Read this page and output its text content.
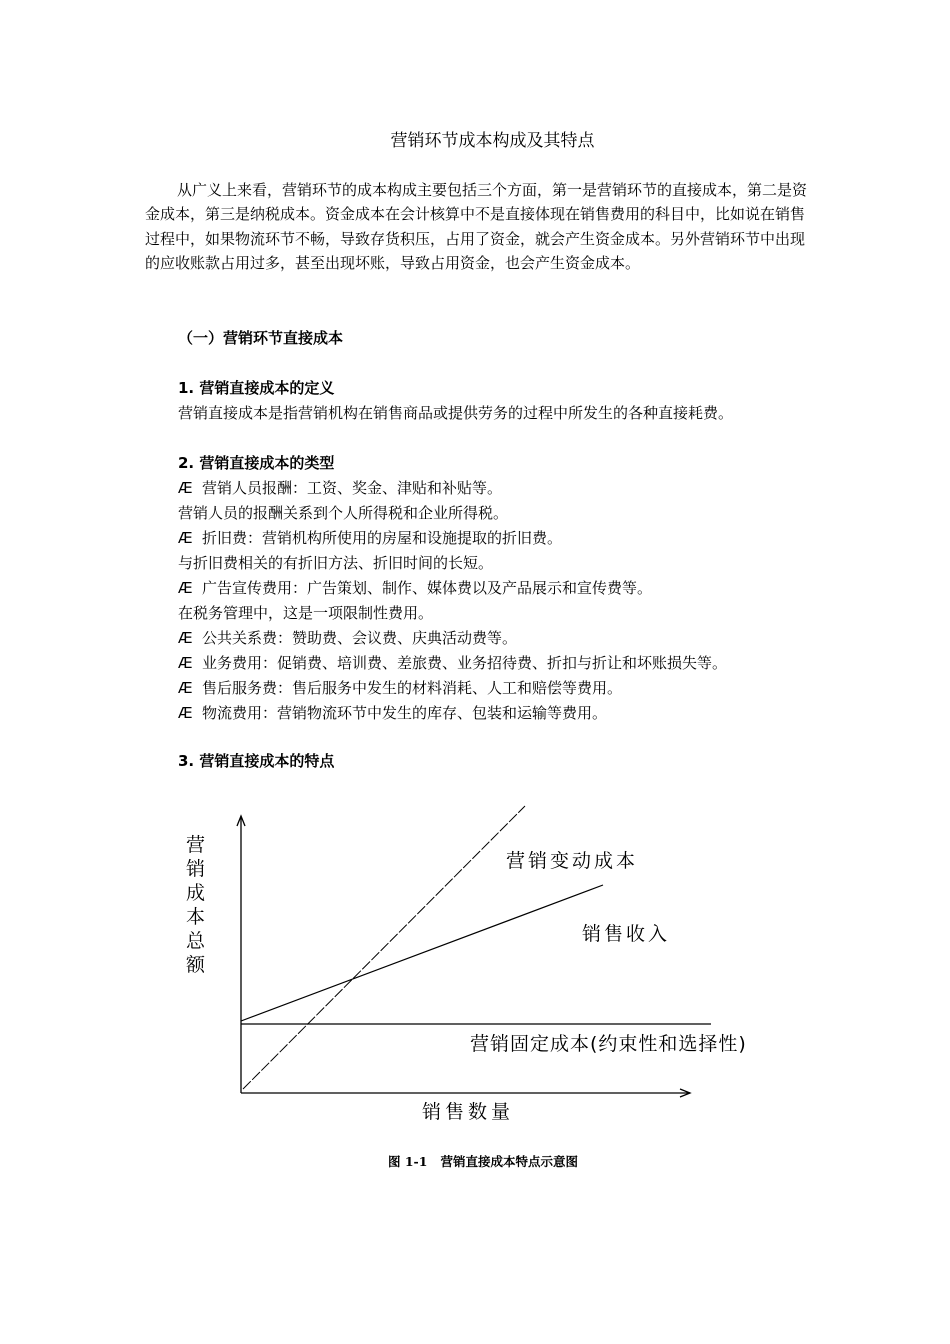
营销环节成本构成及其特点

从广义上来看，营销环节的成本构成主要包括三个方面，第一是营销环节的直接成本，第二是资金成本，第三是纳税成本。资金成本在会计核算中不是直接体现在销售费用的科目中，比如说在销售过程中，如果物流环节不畅，导致存货积压，占用了资金，就会产生资金成本。另外营销环节中出现的应收账款占用过多，甚至出现坏账，导致占用资金，也会产生资金成本。

（一）营销环节直接成本
1. 营销直接成本的定义
营销直接成本是指营销机构在销售商品或提供劳务的过程中所发生的各种直接耗费。
2. 营销直接成本的类型
Æ 营销人员报酬：工资、奖金、津贴和补贴等。
营销人员的报酬关系到个人所得税和企业所得税。
Æ 折旧费：营销机构所使用的房屋和设施提取的折旧费。
与折旧费相关的有折旧方法、折旧时间的长短。
Æ 广告宣传费用：广告策划、制作、媒体费以及产品展示和宣传费等。
在税务管理中，这是一项限制性费用。
Æ 公共关系费：赞助费、会议费、庆典活动费等。
Æ 业务费用：促销费、培训费、差旅费、业务招待费、折扣与折让和坏账损失等。
Æ 售后服务费：售后服务中发生的材料消耗、人工和赔偿等费用。
Æ 物流费用：营销物流环节中发生的库存、包装和运输等费用。
3. 营销直接成本的特点
营
销
成
本
总
额
营销变动成本
销售收入
营销固定成本(约束性和选择性)
销售数量
图 1-1   营销直接成本特点示意图
